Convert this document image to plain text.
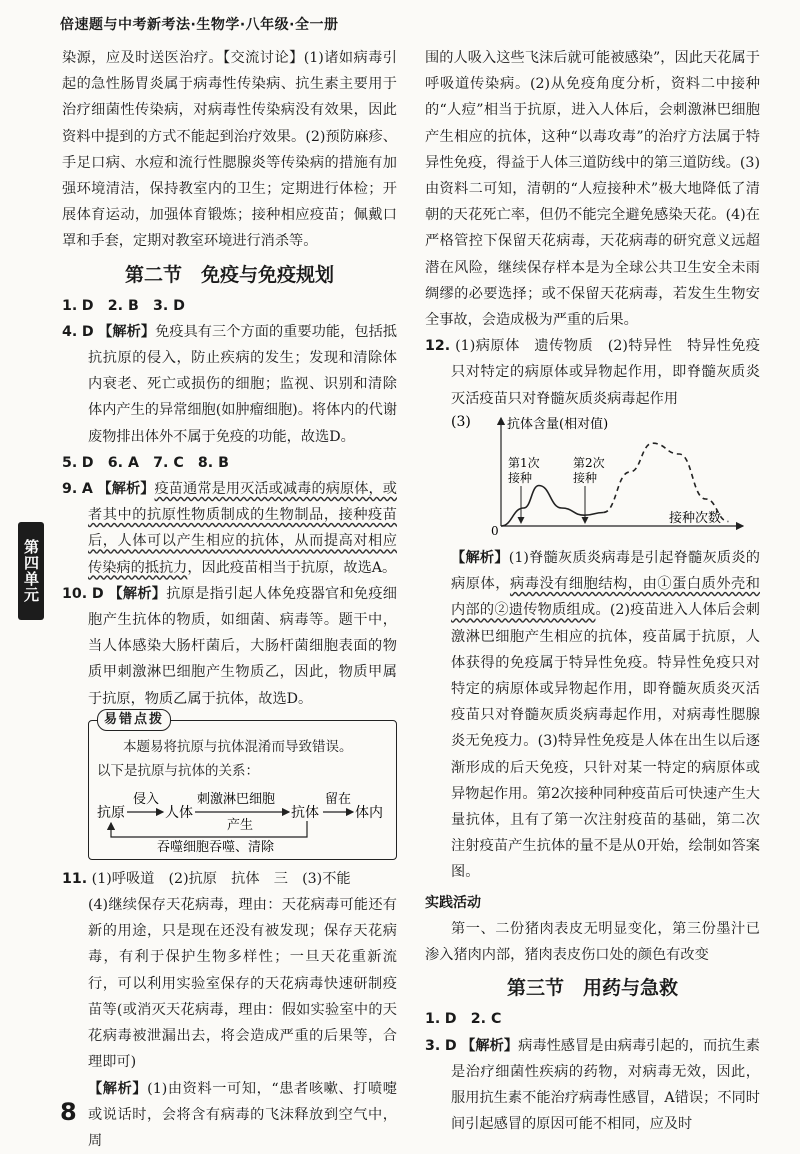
倍速题与中考新考法·生物学·八年级·全一册
第四单元

染源，应及时送医治疗。【交流讨论】(1)诸如病毒引起的急性肠胃炎属于病毒性传染病、抗生素主要用于治疗细菌性传染病，对病毒性传染病没有效果，因此资料中提到的方式不能起到治疗效果。(2)预防麻疹、手足口病、水痘和流行性腮腺炎等传染病的措施有加强环境清洁，保持教室内的卫生；定期进行体检；开展体育运动，加强体育锻炼；接种相应疫苗；佩戴口罩和手套，定期对教室环境进行消杀等。

第二节　免疫与免疫规划

1. D　2. B　3. D

4. D 【解析】免疫具有三个方面的重要功能，包括抵抗抗原的侵入，防止疾病的发生；发现和清除体内衰老、死亡或损伤的细胞；监视、识别和清除体内产生的异常细胞(如肿瘤细胞)。将体内的代谢废物排出体外不属于免疫的功能，故选D。

5. D　6. A　7. C　8. B

9. A 【解析】疫苗通常是用灭活或减毒的病原体，或者其中的抗原性物质制成的生物制品，接种疫苗后，人体可以产生相应的抗体，从而提高对相应传染病的抵抗力，因此疫苗相当于抗原，故选A。

10. D 【解析】抗原是指引起人体免疫器官和免疫细胞产生抗体的物质，如细菌、病毒等。题干中，当人体感染大肠杆菌后，大肠杆菌细胞表面的物质甲刺激淋巴细胞产生物质乙，因此，物质甲属于抗原，物质乙属于抗体，故选D。

易错点拨
本题易将抗原与抗体混淆而导致错误。
以下是抗原与抗体的关系：
抗原
侵入
人体
刺激淋巴细胞
产生
抗体
留在
体内
吞噬细胞吞噬、清除

11. (1)呼吸道　(2)抗原　抗体　三　(3)不能

(4)继续保存天花病毒，理由：天花病毒可能还有新的用途，只是现在还没有被发现；保存天花病毒，有利于保护生物多样性；一旦天花重新流行，可以利用实验室保存的天花病毒快速研制疫苗等(或消灭天花病毒，理由：假如实验室中的天花病毒被泄漏出去，将会造成严重的后果等，合理即可)

【解析】(1)由资料一可知，“患者咳嗽、打喷嚏或说话时，会将含有病毒的飞沫释放到空气中，周

围的人吸入这些飞沫后就可能被感染”，因此天花属于呼吸道传染病。(2)从免疫角度分析，资料二中接种的“人痘”相当于抗原，进入人体后，会刺激淋巴细胞产生相应的抗体，这种“以毒攻毒”的治疗方法属于特异性免疫，得益于人体三道防线中的第三道防线。(3)由资料二可知，清朝的“人痘接种术”极大地降低了清朝的天花死亡率，但仍不能完全避免感染天花。(4)在严格管控下保留天花病毒，天花病毒的研究意义远超潜在风险，继续保存样本是为全球公共卫生安全未雨绸缪的必要选择；或不保留天花病毒，若发生生物安全事故，会造成极为严重的后果。

12. (1)病原体　遗传物质　(2)特异性　特异性免疫只对特定的病原体或异物起作用，即脊髓灰质炎灭活疫苗只对脊髓灰质炎病毒起作用

(3)	抗体含量(相对值)
接种次数
0
第1次
接种
第2次
接种

【解析】(1)脊髓灰质炎病毒是引起脊髓灰质炎的病原体，病毒没有细胞结构，由①蛋白质外壳和内部的②遗传物质组成。(2)疫苗进入人体后会刺激淋巴细胞产生相应的抗体，疫苗属于抗原，人体获得的免疫属于特异性免疫。特异性免疫只对特定的病原体或异物起作用，即脊髓灰质炎灭活疫苗只对脊髓灰质炎病毒起作用，对病毒性腮腺炎无免疫力。(3)特异性免疫是人体在出生以后逐渐形成的后天免疫，只针对某一特定的病原体或异物起作用。第2次接种同种疫苗后可快速产生大量抗体，且有了第一次注射疫苗的基础，第二次注射疫苗产生抗体的量不是从0开始，绘制如答案图。

实践活动

第一、二份猪肉表皮无明显变化，第三份墨汁已渗入猪肉内部，猪肉表皮伤口处的颜色有改变

第三节　用药与急救

1. D　2. C

3. D 【解析】病毒性感冒是由病毒引起的，而抗生素是治疗细菌性疾病的药物，对病毒无效，因此，服用抗生素不能治疗病毒性感冒，A错误；不同时间引起感冒的原因可能不相同，应及时

8
